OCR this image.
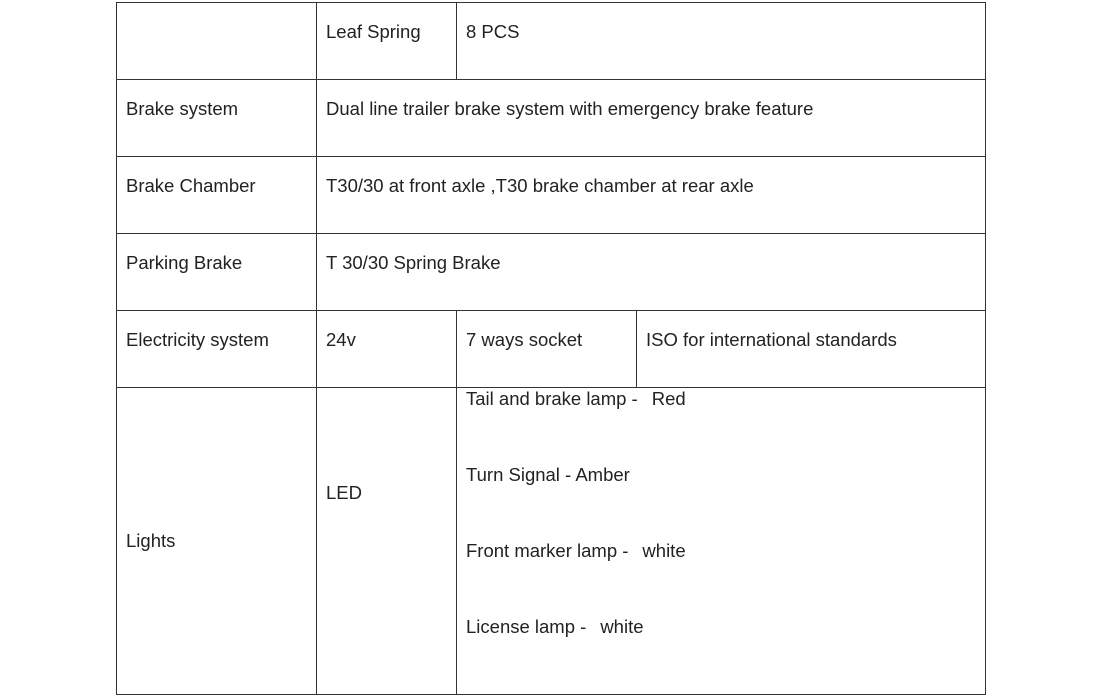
	Leaf Spring	8 PCS	
Brake system	Dual line trailer brake system with emergency brake feature		
Brake Chamber	T30/30 at front axle ,T30 brake chamber at rear axle		
Parking Brake	T 30/30 Spring Brake		
Electricity system	24v	7 ways socket	ISO for international standards
Lights	LED	Tail and brake lamp - Red
Turn Signal - Amber
Front marker lamp - white
License lamp - white	
